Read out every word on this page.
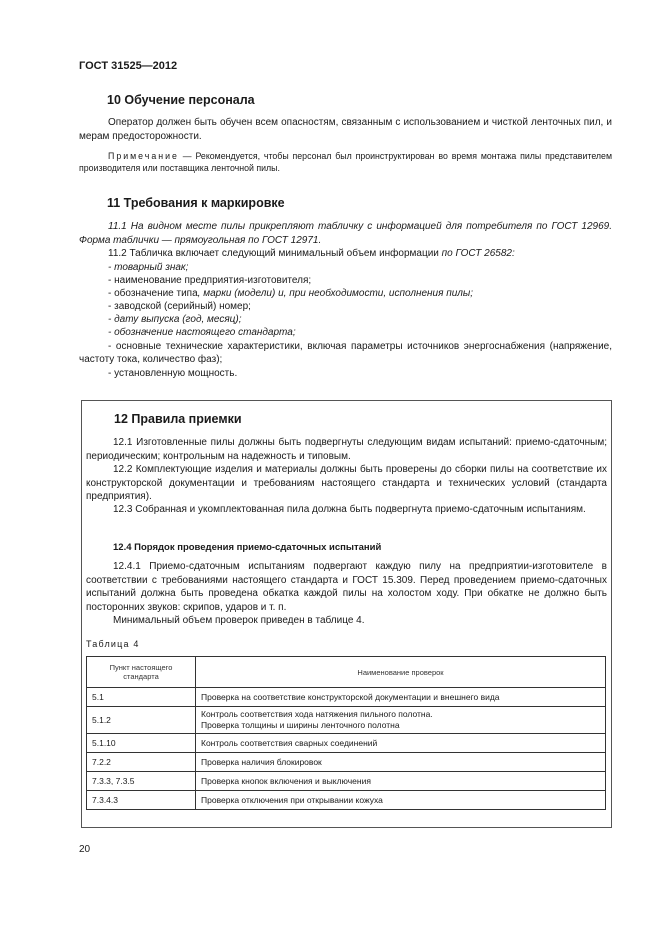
ГОСТ 31525—2012
10 Обучение персонала

Оператор должен быть обучен всем опасностям, связанным с использованием и чисткой ленточных пил, и мерам предосторожности.

Примечание — Рекомендуется, чтобы персонал был проинструктирован во время монтажа пилы представителем производителя или поставщика ленточной пилы.
11 Требования к маркировке

11.1 На видном месте пилы прикрепляют табличку с информацией для потребителя по ГОСТ 12969. Форма таблички — прямоугольная по ГОСТ 12971.

11.2 Табличка включает следующий минимальный объем информации по ГОСТ 26582:
- товарный знак;
- наименование предприятия-изготовителя;
- обозначение типа, марки (модели) и, при необходимости, исполнения пилы;
- заводской (серийный) номер;
- дату выпуска (год, месяц);
- обозначение настоящего стандарта;

- основные технические характеристики, включая параметры источников энергоснабжения (напряжение, частоту тока, количество фаз);

- установленную мощность.
12 Правила приемки

12.1 Изготовленные пилы должны быть подвергнуты следующим видам испытаний: приемо-сдаточным; периодическим; контрольным на надежность и типовым.

12.2 Комплектующие изделия и материалы должны быть проверены до сборки пилы на соответствие их конструкторской документации и требованиям настоящего стандарта и технических условий (стандарта предприятия).

12.3 Собранная и укомплектованная пила должна быть подвергнута приемо-сдаточным испытаниям.

12.4 Порядок проведения приемо-сдаточных испытаний

12.4.1 Приемо-сдаточным испытаниям подвергают каждую пилу на предприятии-изготовителе в соответствии с требованиями настоящего стандарта и ГОСТ 15.309. Перед проведением приемо-сдаточных испытаний должна быть проведена обкатка каждой пилы на холостом ходу. При обкатке не должно быть посторонних звуков: скрипов, ударов и т. п.

Минимальный объем проверок приведен в таблице 4.
Таблица 4
Пункт настоящего стандарта	Наименование проверок
5.1	Проверка на соответствие конструкторской документации и внешнего вида
5.1.2	Контроль соответствия хода натяжения пильного полотна.
Проверка толщины и ширины ленточного полотна
5.1.10	Контроль соответствия сварных соединений
7.2.2	Проверка наличия блокировок
7.3.3, 7.3.5	Проверка кнопок включения и выключения
7.3.4.3	Проверка отключения при открывании кожуха
20
